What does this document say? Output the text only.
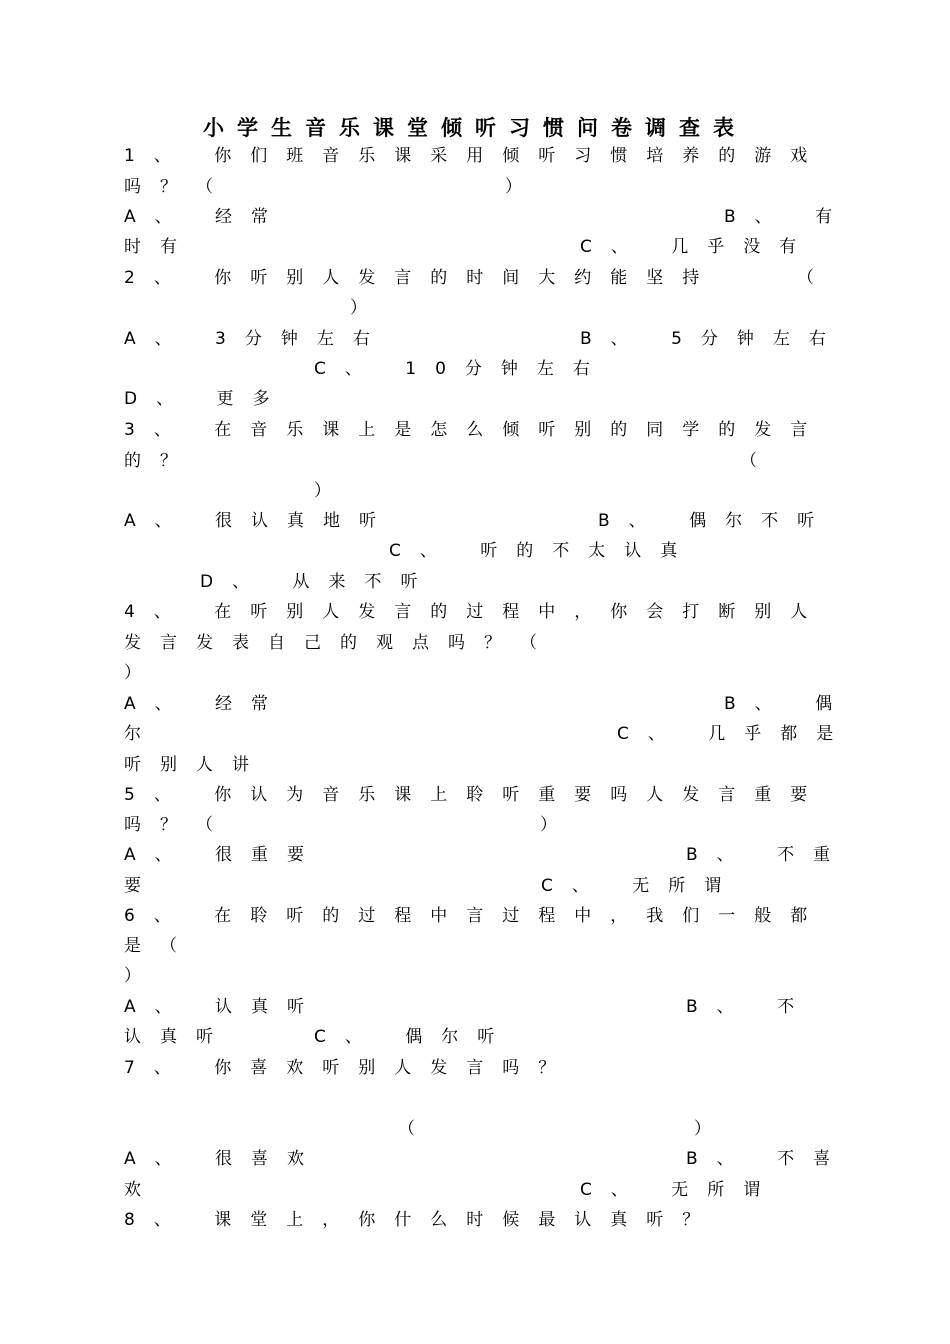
小学生音乐课堂倾听习惯问卷调查表
1、 你们班音乐课采用倾听习惯培养的游戏
吗？（	）
A、 经常	B、 有
时有	C、 几乎没有
2、 你听别人发言的时间大约能坚持	（
）
A、 3分钟左右	B、 5分钟左右
C、 10分钟左右
D、 更多
3、 在音乐课上是怎么倾听别的同学的发言
的？	（
）
A、 很认真地听	B、 偶尔不听
C、 听的不太认真
D、 从来不听
4、 在听别人发言的过程中，你会打断别人
发言发表自己的观点吗？（
）
A、 经常	B、 偶
尔	C、 几乎都是
听别人讲
5、 你认为音乐课上聆听重要吗人发言重要
吗？（	）
A、 很重要	B、 不重
要	C、 无所谓
6、 在聆听的过程中言过程中，我们一般都
是（
）
A、 认真听	B、 不
认真听	C、 偶尔听
7、 你喜欢听别人发言吗？
（	）
A、 很喜欢	B、 不喜
欢	C、 无所谓
8、 课堂上，你什么时候最认真听？
